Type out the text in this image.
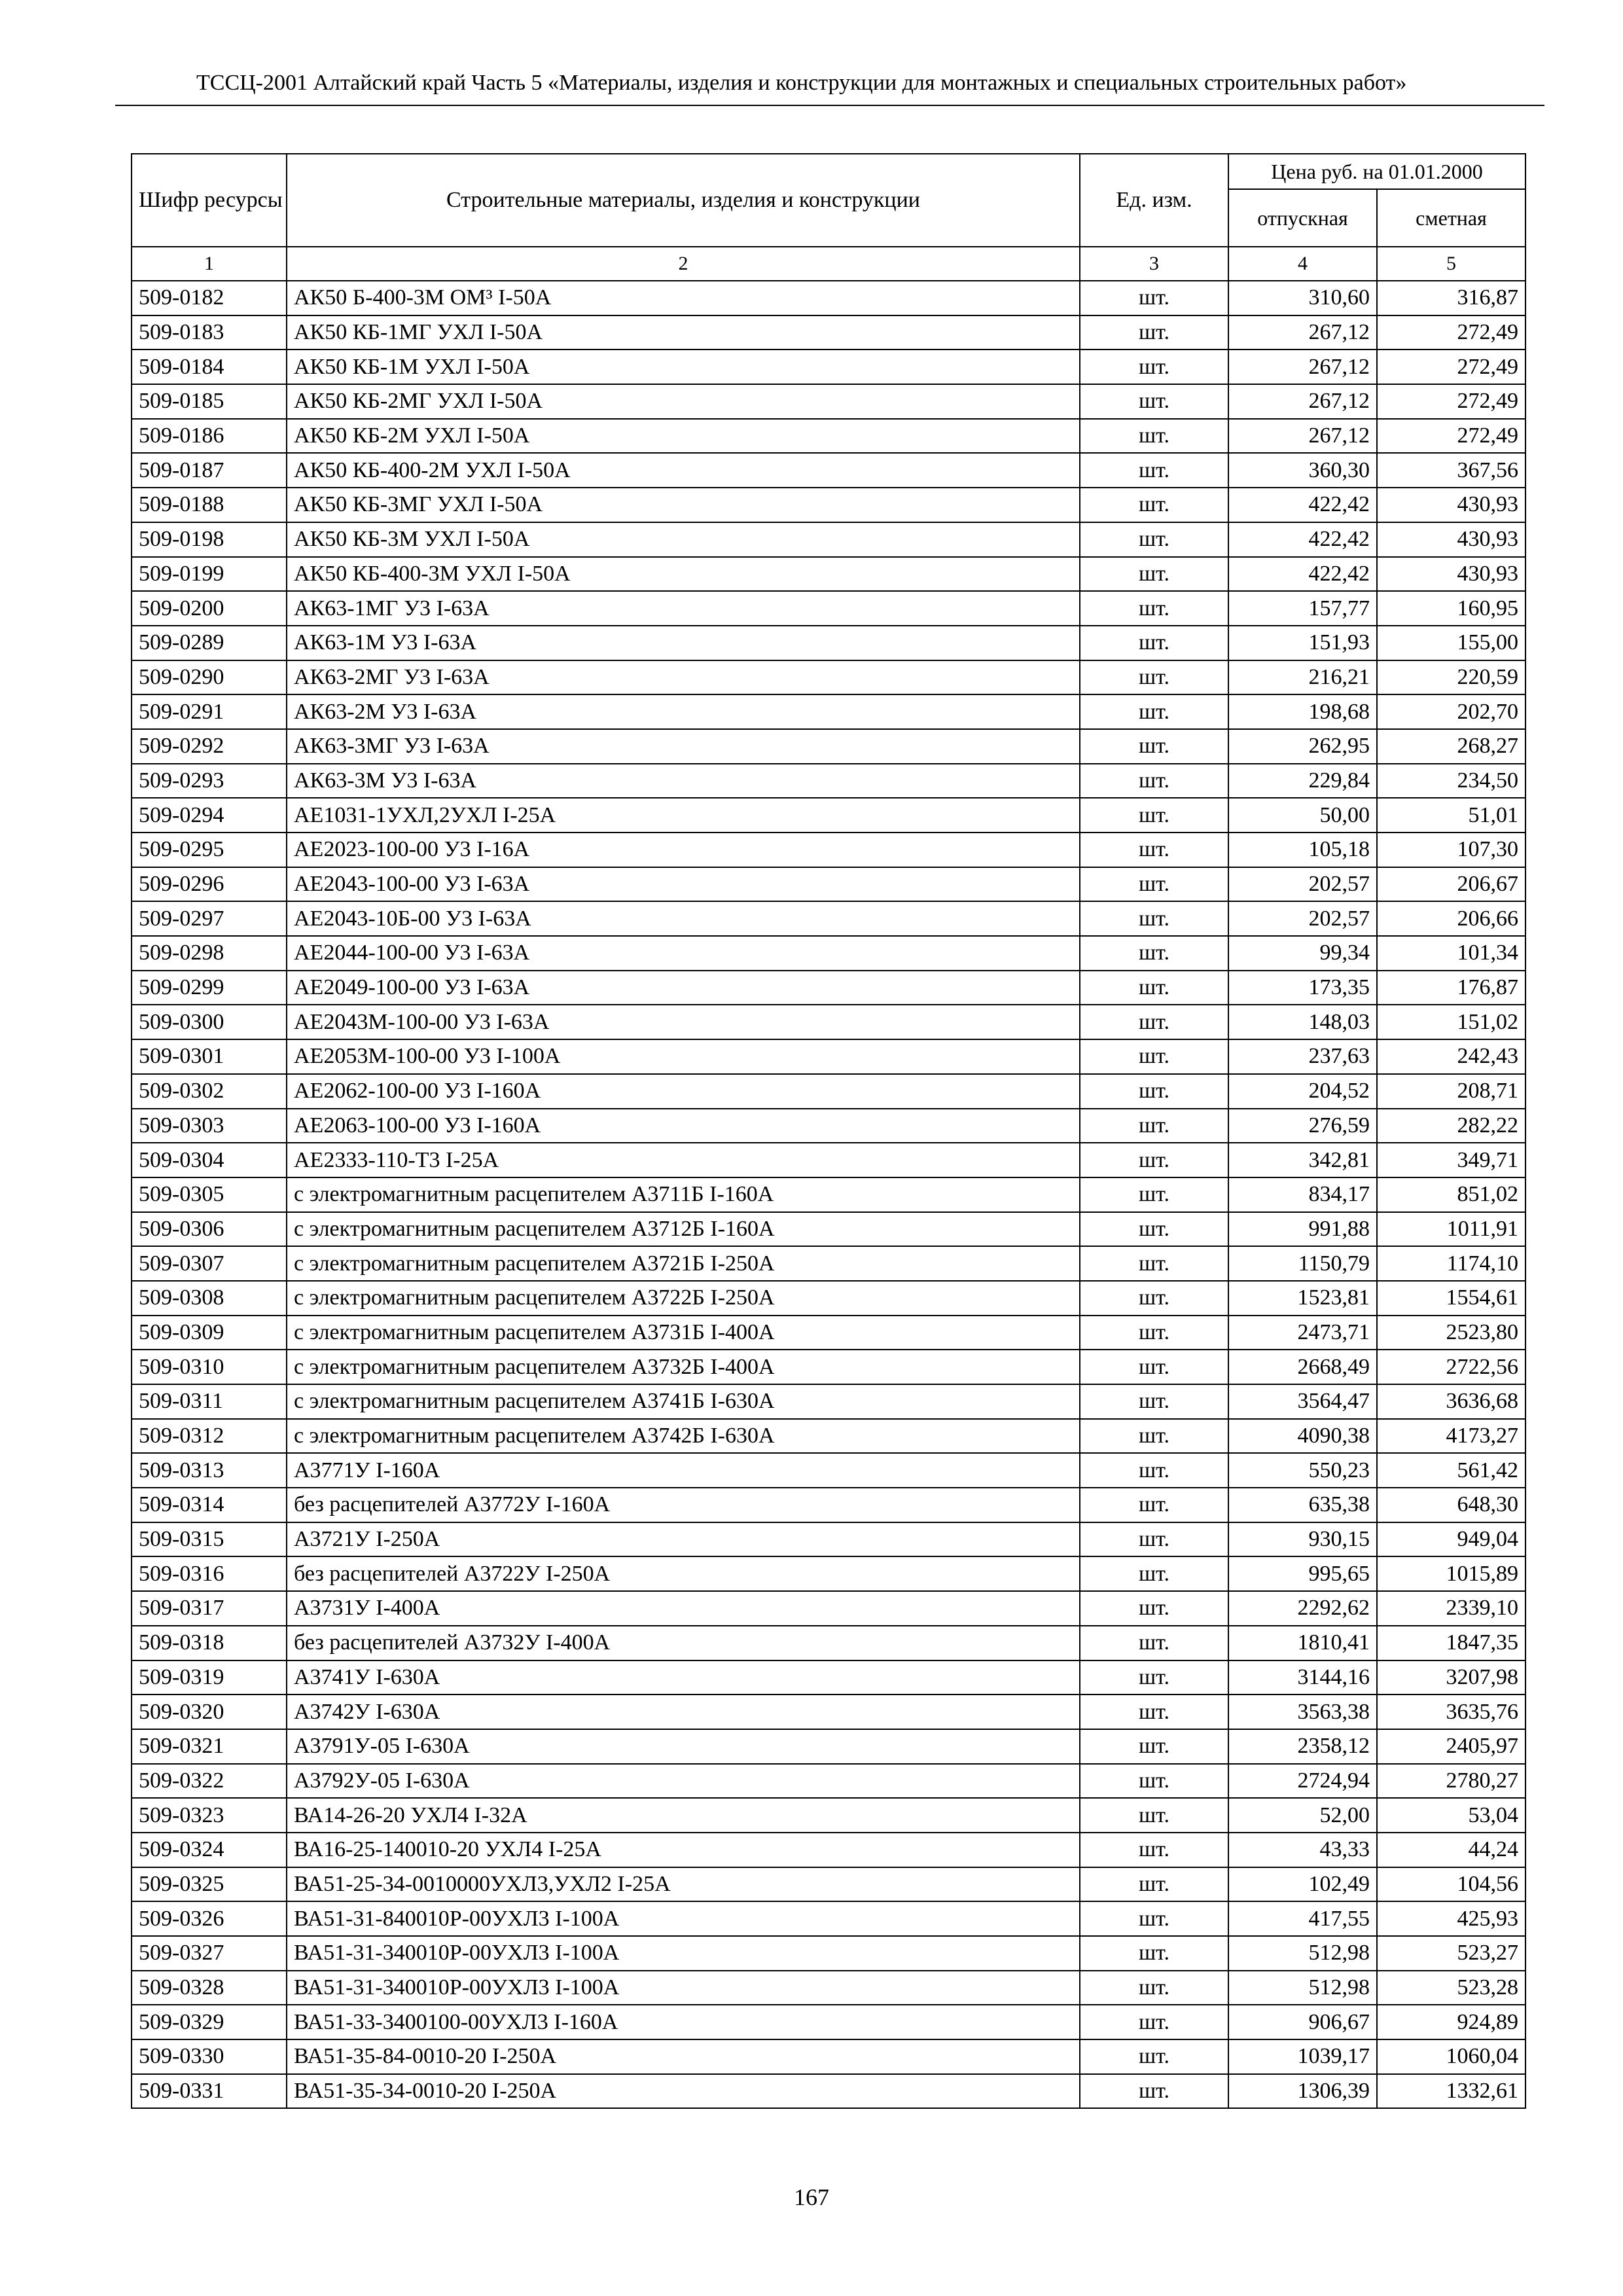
ТССЦ-2001 Алтайский край Часть 5 «Материалы, изделия и конструкции для монтажных и специальных строительных работ»
Шифр ресурсы	Строительные материалы, изделия и конструкции	Ед. изм.	Цена руб. на 01.01.2000	
			отпускная	сметная
1	2	3	4	5
509-0182	АК50 Б-400-3М ОМ³ I-50А	шт.	310,60	316,87
509-0183	АК50 КБ-1МГ УХЛ I-50А	шт.	267,12	272,49
509-0184	АК50 КБ-1М УХЛ I-50А	шт.	267,12	272,49
509-0185	АК50 КБ-2МГ УХЛ I-50А	шт.	267,12	272,49
509-0186	АК50 КБ-2М УХЛ I-50А	шт.	267,12	272,49
509-0187	АК50 КБ-400-2М УХЛ I-50А	шт.	360,30	367,56
509-0188	АК50 КБ-3МГ УХЛ I-50А	шт.	422,42	430,93
509-0198	АК50 КБ-3М УХЛ I-50А	шт.	422,42	430,93
509-0199	АК50 КБ-400-3М УХЛ I-50А	шт.	422,42	430,93
509-0200	АК63-1МГ У3 I-63А	шт.	157,77	160,95
509-0289	АК63-1М У3 I-63А	шт.	151,93	155,00
509-0290	АК63-2МГ У3 I-63А	шт.	216,21	220,59
509-0291	АК63-2М У3 I-63А	шт.	198,68	202,70
509-0292	АК63-3МГ У3 I-63А	шт.	262,95	268,27
509-0293	АК63-3М У3 I-63А	шт.	229,84	234,50
509-0294	АЕ1031-1УХЛ,2УХЛ I-25А	шт.	50,00	51,01
509-0295	АЕ2023-100-00 У3 I-16А	шт.	105,18	107,30
509-0296	АЕ2043-100-00 У3 I-63А	шт.	202,57	206,67
509-0297	АЕ2043-10Б-00 У3 I-63А	шт.	202,57	206,66
509-0298	АЕ2044-100-00 У3 I-63А	шт.	99,34	101,34
509-0299	АЕ2049-100-00 У3 I-63А	шт.	173,35	176,87
509-0300	АЕ2043М-100-00 У3 I-63А	шт.	148,03	151,02
509-0301	АЕ2053М-100-00 У3 I-100А	шт.	237,63	242,43
509-0302	АЕ2062-100-00 У3 I-160А	шт.	204,52	208,71
509-0303	АЕ2063-100-00 У3 I-160А	шт.	276,59	282,22
509-0304	АЕ2333-110-Т3 I-25А	шт.	342,81	349,71
509-0305	с электромагнитным расцепителем А3711Б I-160А	шт.	834,17	851,02
509-0306	с электромагнитным расцепителем А3712Б I-160А	шт.	991,88	1011,91
509-0307	с электромагнитным расцепителем А3721Б I-250А	шт.	1150,79	1174,10
509-0308	с электромагнитным расцепителем А3722Б I-250А	шт.	1523,81	1554,61
509-0309	с электромагнитным расцепителем А3731Б I-400А	шт.	2473,71	2523,80
509-0310	с электромагнитным расцепителем А3732Б I-400А	шт.	2668,49	2722,56
509-0311	с электромагнитным расцепителем А3741Б I-630А	шт.	3564,47	3636,68
509-0312	с электромагнитным расцепителем А3742Б I-630А	шт.	4090,38	4173,27
509-0313	А3771У I-160А	шт.	550,23	561,42
509-0314	без расцепителей А3772У I-160А	шт.	635,38	648,30
509-0315	А3721У I-250А	шт.	930,15	949,04
509-0316	без расцепителей А3722У I-250А	шт.	995,65	1015,89
509-0317	А3731У I-400А	шт.	2292,62	2339,10
509-0318	без расцепителей А3732У I-400А	шт.	1810,41	1847,35
509-0319	А3741У I-630А	шт.	3144,16	3207,98
509-0320	А3742У I-630А	шт.	3563,38	3635,76
509-0321	А3791У-05 I-630А	шт.	2358,12	2405,97
509-0322	А3792У-05 I-630А	шт.	2724,94	2780,27
509-0323	ВА14-26-20 УХЛ4 I-32А	шт.	52,00	53,04
509-0324	ВА16-25-140010-20 УХЛ4 I-25А	шт.	43,33	44,24
509-0325	ВА51-25-34-0010000УХЛ3,УХЛ2 I-25А	шт.	102,49	104,56
509-0326	ВА51-31-840010Р-00УХЛ3 I-100А	шт.	417,55	425,93
509-0327	ВА51-31-340010Р-00УХЛ3 I-100А	шт.	512,98	523,27
509-0328	ВА51-31-340010Р-00УХЛ3 I-100А	шт.	512,98	523,28
509-0329	ВА51-33-3400100-00УХЛ3 I-160А	шт.	906,67	924,89
509-0330	ВА51-35-84-0010-20 I-250А	шт.	1039,17	1060,04
509-0331	ВА51-35-34-0010-20 I-250А	шт.	1306,39	1332,61
167
